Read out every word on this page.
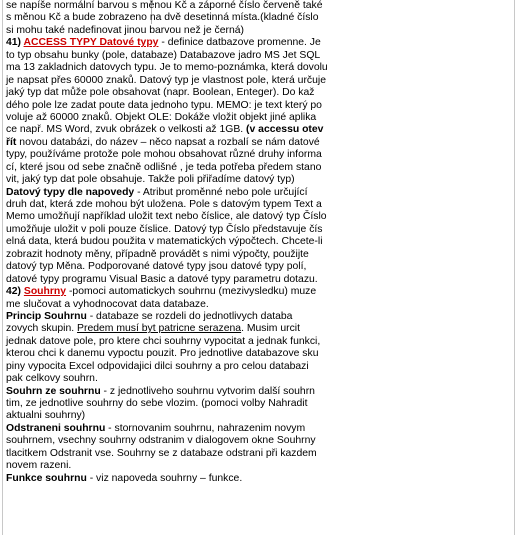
se napíše normální barvou s měnou Kč a záporné číslo červeně také
s měnou Kč a bude zobrazeno na dvě desetinná místa.(kladné číslo
si mohu také nadefinovat jinou barvou než je černá)
41) ACCESS TYPY Datové typy - definice datbazove promenne. Je
to typ obsahu bunky (pole, databaze) Databazove jadro MS Jet SQL
ma 13 zakladnich datovych typu. Je to memo-poznámka, která dovolu
je napsat přes 60000 znaků. Datový typ je vlastnost pole, která určuje
jaký typ dat může pole obsahovat (napr. Boolean, Enteger). Do kaž
dého pole lze zadat poute data jednoho typu. MEMO: je text který po
voluje až 60000 znaků. Objekt OLE: Dokáže vložit objekt jiné aplika
ce např. MS Word, zvuk obrázek o velkosti až 1GB. (v accessu otev
řít novou databázi, do název – něco napsat a rozbalí se nám datové
typy, používáme protože pole mohou obsahovat různé druhy informa
cí, které jsou od sebe značně odlišné , je teda potřeba předem stano
vit, jaký typ dat pole obsahuje. Takže poli přiřadíme datový typ)
Datový typy dle napovedy - Atribut proměnné nebo pole určující
druh dat, která zde mohou být uložena. Pole s datovým typem Text a
Memo umožňují například uložit text nebo číslice, ale datový typ Číslo
umožňuje uložit v poli pouze číslice. Datový typ Číslo představuje čís
elná data, která budou použita v matematických výpočtech. Chcete-li
zobrazit hodnoty měny, případně provádět s nimi výpočty, použijte
datový typ Měna. Podporované datové typy jsou datové typy polí,
datové typy programu Visual Basic a datové typy parametru dotazu.
42) Souhrny -pomoci automatickych souhrnu (mezivysledku) muze
me slučovat a vyhodnocovat data databaze.
Princip Souhrnu - databaze se rozdeli do jednotlivych databa
zovych skupin. Predem musí byt patricne serazena. Musim urcit
jednak datove pole, pro ktere chci souhrny vypocitat a jednak funkci,
kterou chci k danemu vypoctu pouzit. Pro jednotlive databazove sku
piny vypocita Excel odpovidajici dilci souhrny a pro celou databazi
pak celkovy souhrn.
Souhrn ze souhrnu - z jednotliveho souhrnu vytvorim další souhrn
tim, ze jednotlive souhrny do sebe vlozim. (pomoci volby Nahradit
aktualni souhrny)
Odstraneni souhrnu - stornovanim souhrnu, nahrazenim novym
souhrnem, vsechny souhrny odstranim v dialogovem okne Souhrny
tlacitkem Odstranit vse. Souhrny se z databaze odstrani při kazdem
novem razeni.
Funkce souhrnu - viz napoveda souhrny – funkce.
